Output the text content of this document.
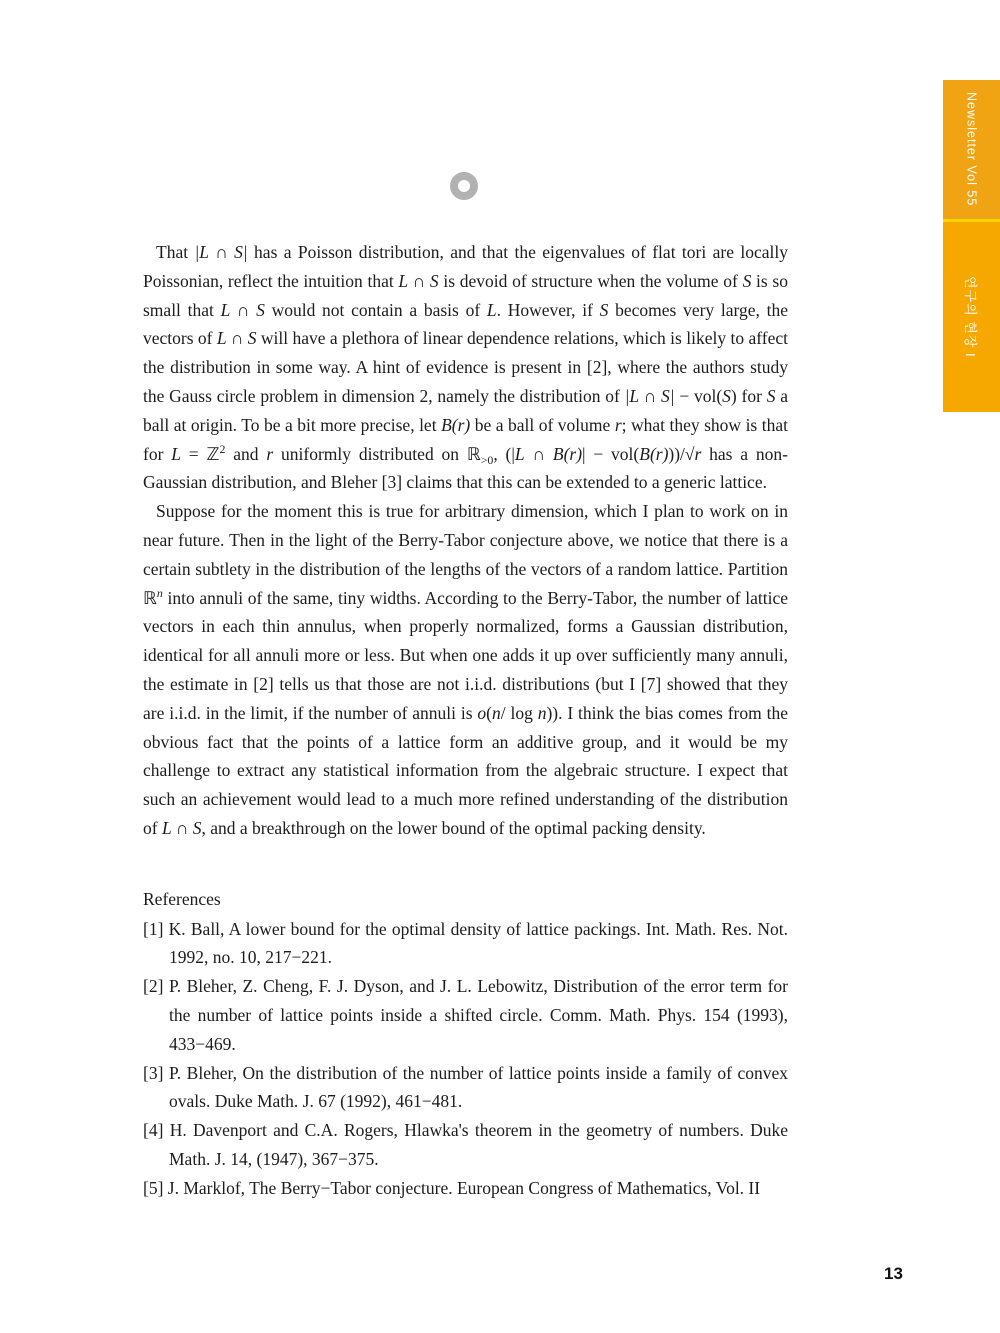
That |L ∩ S| has a Poisson distribution, and that the eigenvalues of flat tori are locally Poissonian, reflect the intuition that L ∩ S is devoid of structure when the volume of S is so small that L ∩ S would not contain a basis of L. However, if S becomes very large, the vectors of L ∩ S will have a plethora of linear dependence relations, which is likely to affect the distribution in some way. A hint of evidence is present in [2], where the authors study the Gauss circle problem in dimension 2, namely the distribution of |L ∩ S| − vol(S) for S a ball at origin. To be a bit more precise, let B(r) be a ball of volume r; what they show is that for L = ℤ$^2$ and r uniformly distributed on ℝ$_{>0}$, (|L ∩ B(r)| − vol(B(r)))/√r has a non-Gaussian distribution, and Bleher [3] claims that this can be extended to a generic lattice.

Suppose for the moment this is true for arbitrary dimension, which I plan to work on in near future. Then in the light of the Berry-Tabor conjecture above, we notice that there is a certain subtlety in the distribution of the lengths of the vectors of a random lattice. Partition ℝ$^n$ into annuli of the same, tiny widths. According to the Berry-Tabor, the number of lattice vectors in each thin annulus, when properly normalized, forms a Gaussian distribution, identical for all annuli more or less. But when one adds it up over sufficiently many annuli, the estimate in [2] tells us that those are not i.i.d. distributions (but I [7] showed that they are i.i.d. in the limit, if the number of annuli is o(n/ log n)). I think the bias comes from the obvious fact that the points of a lattice form an additive group, and it would be my challenge to extract any statistical information from the algebraic structure. I expect that such an achievement would lead to a much more refined understanding of the distribution of L ∩ S, and a breakthrough on the lower bound of the optimal packing density.

References

[1] K. Ball, A lower bound for the optimal density of lattice packings. Int. Math. Res. Not. 1992, no. 10, 217−221.

[2] P. Bleher, Z. Cheng, F. J. Dyson, and J. L. Lebowitz, Distribution of the error term for the number of lattice points inside a shifted circle. Comm. Math. Phys. 154 (1993), 433−469.

[3] P. Bleher, On the distribution of the number of lattice points inside a family of convex ovals. Duke Math. J. 67 (1992), 461−481.

[4] H. Davenport and C.A. Rogers, Hlawka's theorem in the geometry of numbers. Duke Math. J. 14, (1947), 367−375.

[5] J. Marklof, The Berry−Tabor conjecture. European Congress of Mathematics, Vol. II

Newsletter Vol 55
연구의 현장 I
13
